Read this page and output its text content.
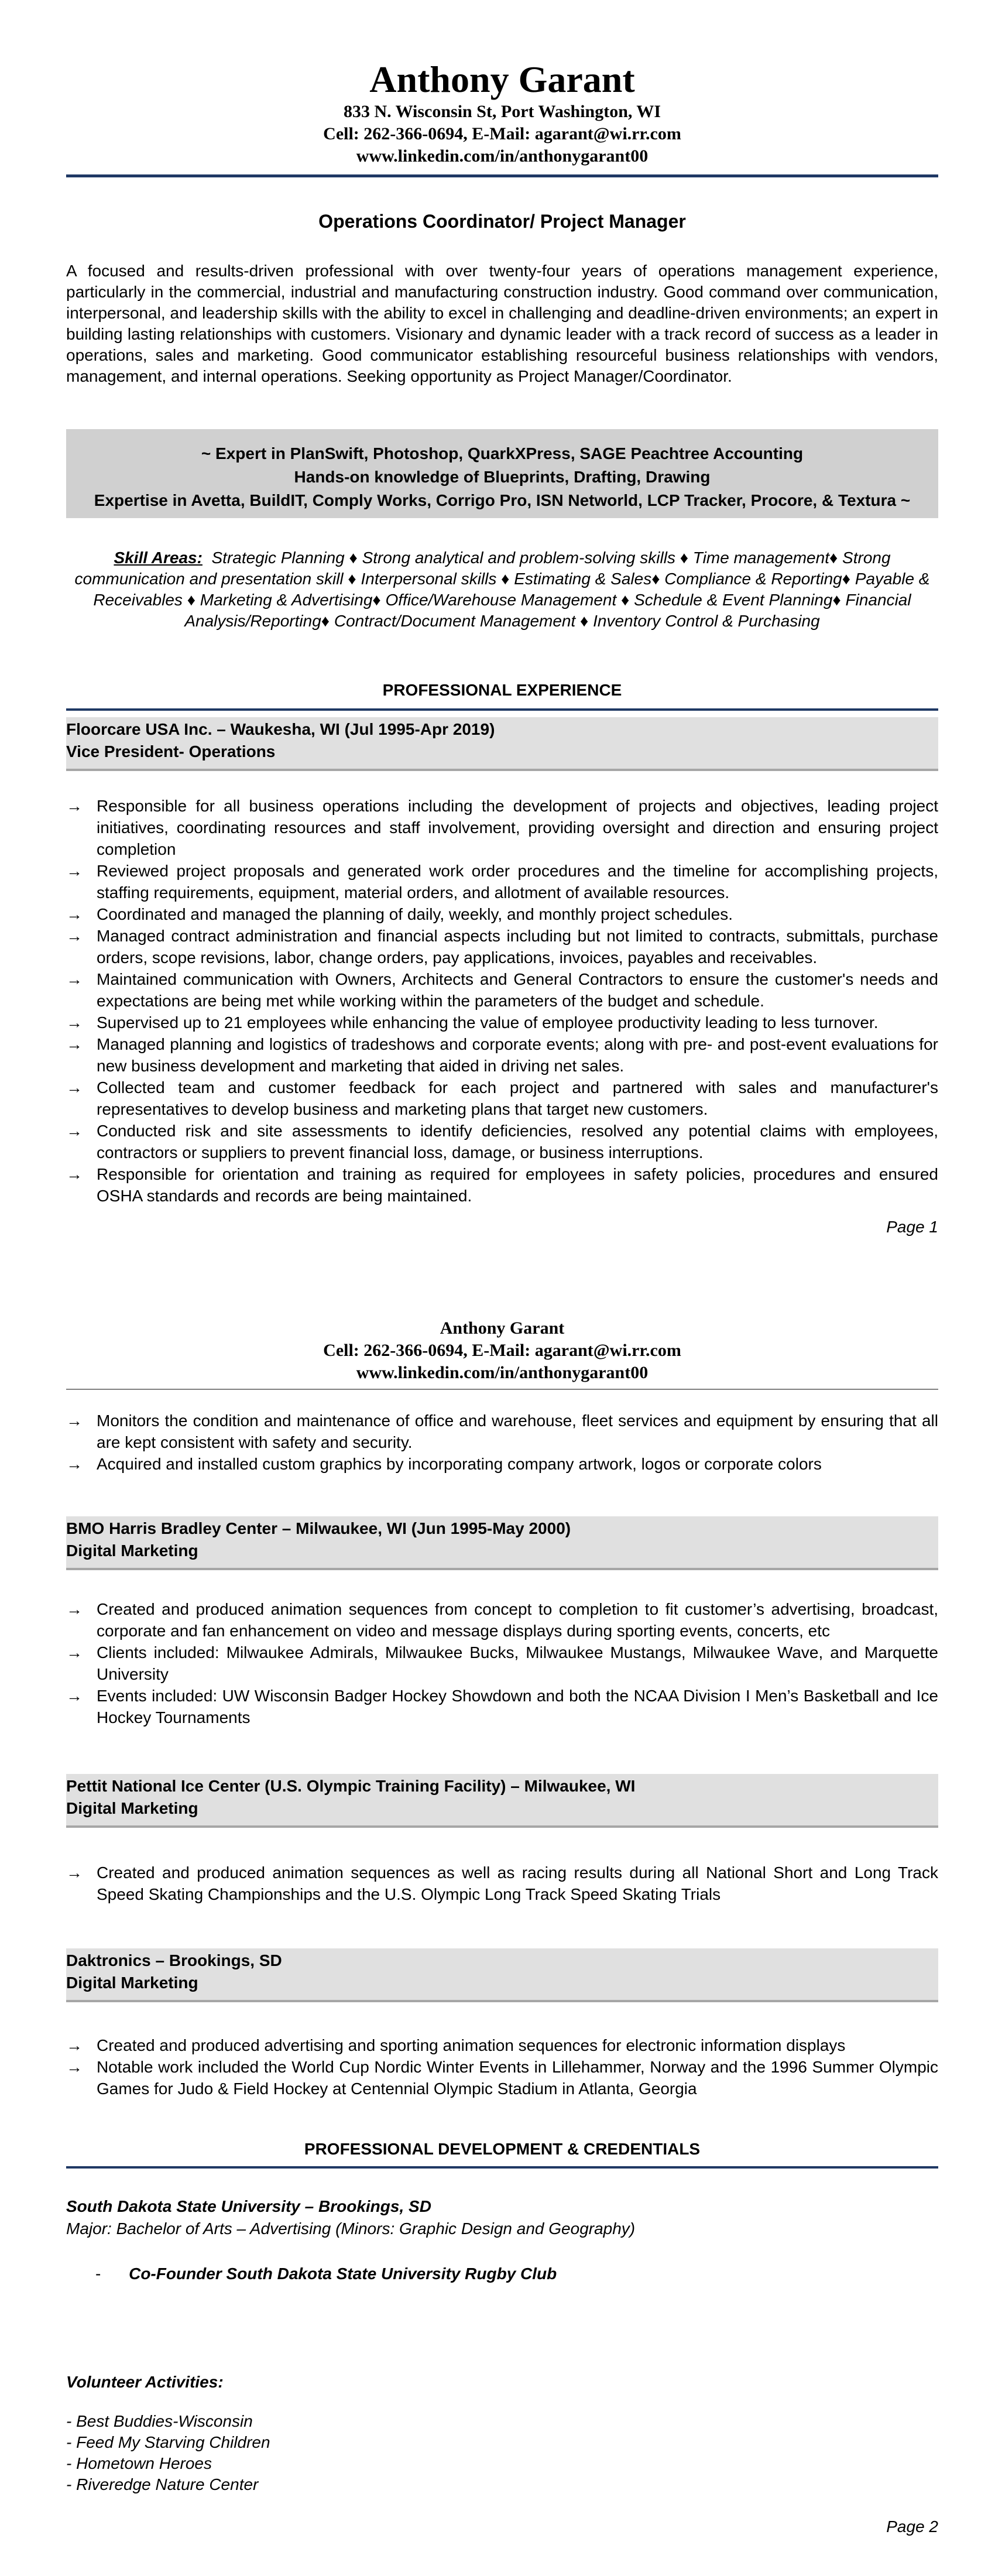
Anthony Garant
833 N. Wisconsin St, Port Washington, WI
Cell: 262-366-0694, E-Mail: agarant@wi.rr.com
www.linkedin.com/in/anthonygarant00
Operations Coordinator/ Project Manager
A focused and results-driven professional with over twenty-four years of operations management experience, particularly in the commercial, industrial and manufacturing construction industry. Good command over communication, interpersonal, and leadership skills with the ability to excel in challenging and deadline-driven environments; an expert in building lasting relationships with customers. Visionary and dynamic leader with a track record of success as a leader in operations, sales and marketing. Good communicator establishing resourceful business relationships with vendors, management, and internal operations. Seeking opportunity as Project Manager/Coordinator.
~ Expert in PlanSwift, Photoshop, QuarkXPress, SAGE Peachtree Accounting
Hands-on knowledge of Blueprints, Drafting, Drawing
Expertise in Avetta, BuildIT, Comply Works, Corrigo Pro, ISN Networld, LCP Tracker, Procore, & Textura ~
Skill Areas: Strategic Planning ♦ Strong analytical and problem-solving skills ♦ Time management♦ Strong communication and presentation skill ♦ Interpersonal skills ♦ Estimating & Sales♦ Compliance & Reporting♦ Payable & Receivables ♦ Marketing & Advertising♦ Office/Warehouse Management ♦ Schedule & Event Planning♦ Financial Analysis/Reporting♦ Contract/Document Management ♦ Inventory Control & Purchasing
PROFESSIONAL EXPERIENCE
Floorcare USA Inc. – Waukesha, WI (Jul 1995-Apr 2019)
Vice President- Operations
→ Responsible for all business operations including the development of projects and objectives, leading project initiatives, coordinating resources and staff involvement, providing oversight and direction and ensuring project completion
→ Reviewed project proposals and generated work order procedures and the timeline for accomplishing projects, staffing requirements, equipment, material orders, and allotment of available resources.
→ Coordinated and managed the planning of daily, weekly, and monthly project schedules.
→ Managed contract administration and financial aspects including but not limited to contracts, submittals, purchase orders, scope revisions, labor, change orders, pay applications, invoices, payables and receivables.
→ Maintained communication with Owners, Architects and General Contractors to ensure the customer's needs and expectations are being met while working within the parameters of the budget and schedule.
→ Supervised up to 21 employees while enhancing the value of employee productivity leading to less turnover.
→ Managed planning and logistics of tradeshows and corporate events; along with pre- and post-event evaluations for new business development and marketing that aided in driving net sales.
→ Collected team and customer feedback for each project and partnered with sales and manufacturer's representatives to develop business and marketing plans that target new customers.
→ Conducted risk and site assessments to identify deficiencies, resolved any potential claims with employees, contractors or suppliers to prevent financial loss, damage, or business interruptions.
→ Responsible for orientation and training as required for employees in safety policies, procedures and ensured OSHA standards and records are being maintained.
Page 1
Anthony Garant
Cell: 262-366-0694, E-Mail: agarant@wi.rr.com
www.linkedin.com/in/anthonygarant00
→ Monitors the condition and maintenance of office and warehouse, fleet services and equipment by ensuring that all are kept consistent with safety and security.
→ Acquired and installed custom graphics by incorporating company artwork, logos or corporate colors
BMO Harris Bradley Center – Milwaukee, WI (Jun 1995-May 2000)
Digital Marketing
→ Created and produced animation sequences from concept to completion to fit customer’s advertising, broadcast, corporate and fan enhancement on video and message displays during sporting events, concerts, etc
→ Clients included: Milwaukee Admirals, Milwaukee Bucks, Milwaukee Mustangs, Milwaukee Wave, and Marquette University
→ Events included: UW Wisconsin Badger Hockey Showdown and both the NCAA Division I Men’s Basketball and Ice Hockey Tournaments
Pettit National Ice Center (U.S. Olympic Training Facility) – Milwaukee, WI
Digital Marketing
→ Created and produced animation sequences as well as racing results during all National Short and Long Track Speed Skating Championships and the U.S. Olympic Long Track Speed Skating Trials
Daktronics – Brookings, SD
Digital Marketing
→ Created and produced advertising and sporting animation sequences for electronic information displays
→ Notable work included the World Cup Nordic Winter Events in Lillehammer, Norway and the 1996 Summer Olympic Games for Judo & Field Hockey at Centennial Olympic Stadium in Atlanta, Georgia
PROFESSIONAL DEVELOPMENT & CREDENTIALS
South Dakota State University – Brookings, SD
Major: Bachelor of Arts – Advertising (Minors: Graphic Design and Geography)
- Co-Founder South Dakota State University Rugby Club
Volunteer Activities:
- Best Buddies-Wisconsin
- Feed My Starving Children
- Hometown Heroes
- Riveredge Nature Center
Page 2
